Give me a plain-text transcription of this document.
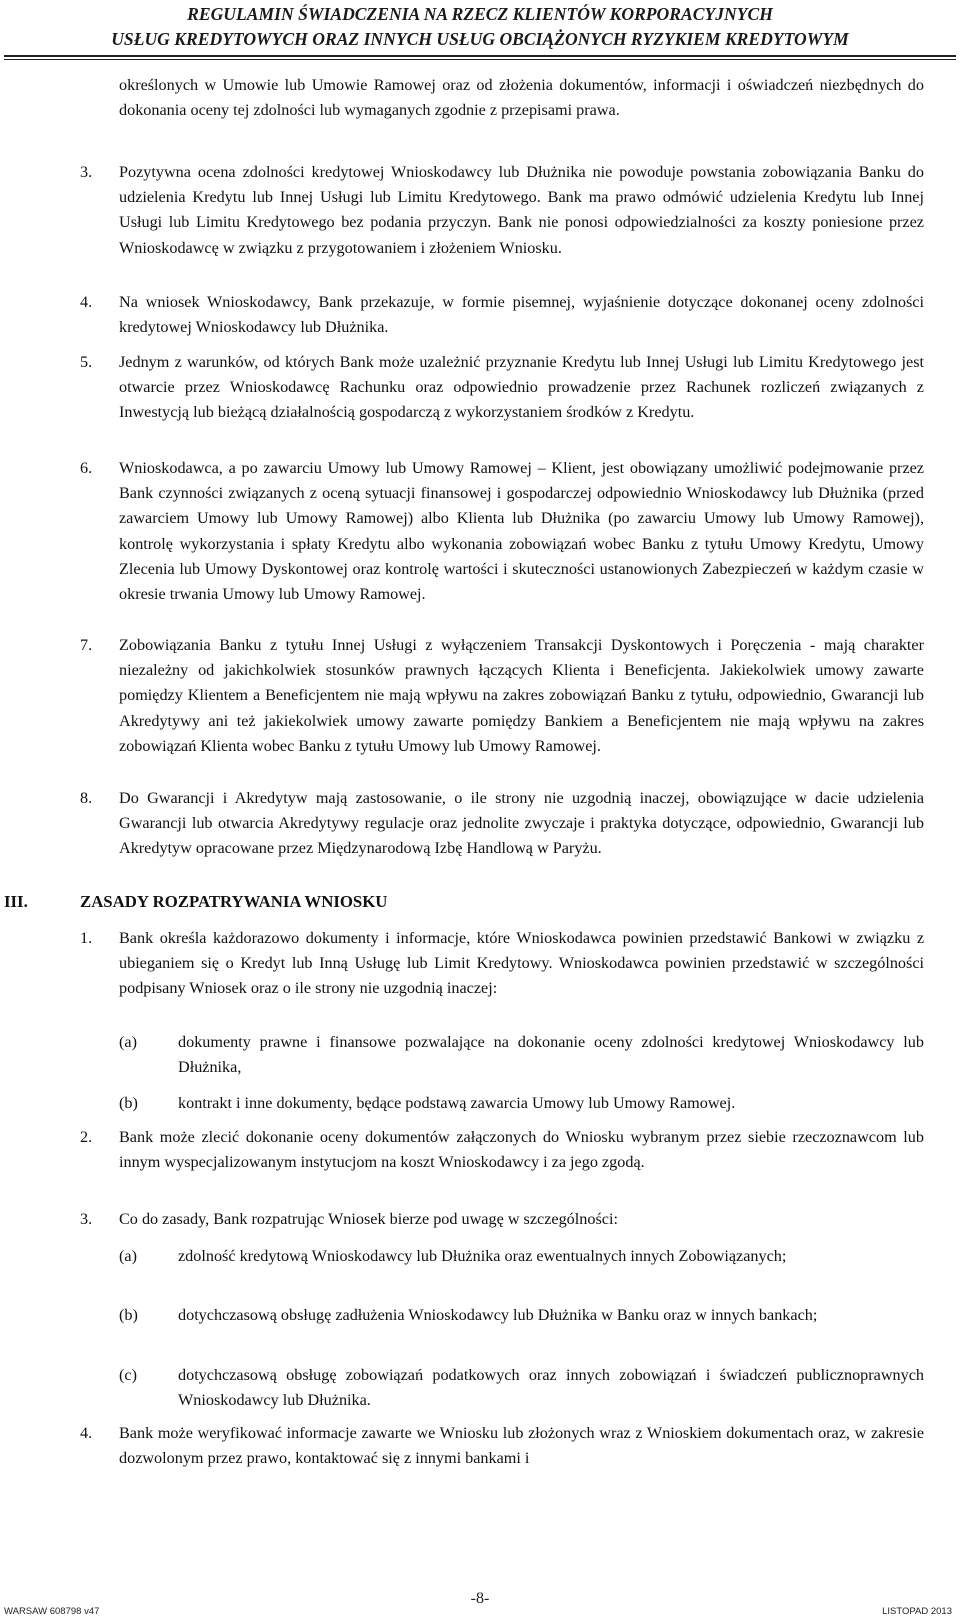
REGULAMIN ŚWIADCZENIA NA RZECZ KLIENTÓW KORPORACYJNYCH
USŁUG KREDYTOWYCH ORAZ INNYCH USŁUG OBCIĄŻONYCH RYZYKIEM KREDYTOWYM
określonych w Umowie lub Umowie Ramowej oraz od złożenia dokumentów, informacji i oświadczeń niezbędnych do dokonania oceny tej zdolności lub wymaganych zgodnie z przepisami prawa.
3. Pozytywna ocena zdolności kredytowej Wnioskodawcy lub Dłużnika nie powoduje powstania zobowiązania Banku do udzielenia Kredytu lub Innej Usługi lub Limitu Kredytowego. Bank ma prawo odmówić udzielenia Kredytu lub Innej Usługi lub Limitu Kredytowego bez podania przyczyn. Bank nie ponosi odpowiedzialności za koszty poniesione przez Wnioskodawcę w związku z przygotowaniem i złożeniem Wniosku.
4. Na wniosek Wnioskodawcy, Bank przekazuje, w formie pisemnej, wyjaśnienie dotyczące dokonanej oceny zdolności kredytowej Wnioskodawcy lub Dłużnika.
5. Jednym z warunków, od których Bank może uzależnić przyznanie Kredytu lub Innej Usługi lub Limitu Kredytowego jest otwarcie przez Wnioskodawcę Rachunku oraz odpowiednio prowadzenie przez Rachunek rozliczeń związanych z Inwestycją lub bieżącą działalnością gospodarczą z wykorzystaniem środków z Kredytu.
6. Wnioskodawca, a po zawarciu Umowy lub Umowy Ramowej – Klient, jest obowiązany umożliwić podejmowanie przez Bank czynności związanych z oceną sytuacji finansowej i gospodarczej odpowiednio Wnioskodawcy lub Dłużnika (przed zawarciem Umowy lub Umowy Ramowej) albo Klienta lub Dłużnika (po zawarciu Umowy lub Umowy Ramowej), kontrolę wykorzystania i spłaty Kredytu albo wykonania zobowiązań wobec Banku z tytułu Umowy Kredytu, Umowy Zlecenia lub Umowy Dyskontowej oraz kontrolę wartości i skuteczności ustanowionych Zabezpieczeń w każdym czasie w okresie trwania Umowy lub Umowy Ramowej.
7. Zobowiązania Banku z tytułu Innej Usługi z wyłączeniem Transakcji Dyskontowych i Poręczenia - mają charakter niezależny od jakichkolwiek stosunków prawnych łączących Klienta i Beneficjenta. Jakiekolwiek umowy zawarte pomiędzy Klientem a Beneficjentem nie mają wpływu na zakres zobowiązań Banku z tytułu, odpowiednio, Gwarancji lub Akredytywy ani też jakiekolwiek umowy zawarte pomiędzy Bankiem a Beneficjentem nie mają wpływu na zakres zobowiązań Klienta wobec Banku z tytułu Umowy lub Umowy Ramowej.
8. Do Gwarancji i Akredytyw mają zastosowanie, o ile strony nie uzgodnią inaczej, obowiązujące w dacie udzielenia Gwarancji lub otwarcia Akredytywy regulacje oraz jednolite zwyczaje i praktyka dotyczące, odpowiednio, Gwarancji lub Akredytyw opracowane przez Międzynarodową Izbę Handlową w Paryżu.
III.	ZASADY ROZPATRYWANIA WNIOSKU
1. Bank określa każdorazowo dokumenty i informacje, które Wnioskodawca powinien przedstawić Bankowi w związku z ubieganiem się o Kredyt lub Inną Usługę lub Limit Kredytowy. Wnioskodawca powinien przedstawić w szczególności podpisany Wniosek oraz o ile strony nie uzgodnią inaczej:
(a)	dokumenty prawne i finansowe pozwalające na dokonanie oceny zdolności kredytowej Wnioskodawcy lub Dłużnika,
(b) kontrakt i inne dokumenty, będące podstawą zawarcia Umowy lub Umowy Ramowej.
2. Bank może zlecić dokonanie oceny dokumentów załączonych do Wniosku wybranym przez siebie rzeczoznawcom lub innym wyspecjalizowanym instytucjom na koszt Wnioskodawcy i za jego zgodą.
3. Co do zasady, Bank rozpatrując Wniosek bierze pod uwagę w szczególności:
(a)	zdolność kredytową Wnioskodawcy lub Dłużnika oraz ewentualnych innych Zobowiązanych;
(b) dotychczasową obsługę zadłużenia Wnioskodawcy lub Dłużnika w Banku oraz w innych bankach;
(c)	dotychczasową obsługę zobowiązań podatkowych oraz innych zobowiązań i świadczeń publicznoprawnych Wnioskodawcy lub Dłużnika.
4. Bank może weryfikować informacje zawarte we Wniosku lub złożonych wraz z Wnioskiem dokumentach oraz, w zakresie dozwolonym przez prawo, kontaktować się z innymi bankami i
WARSAW 608798 v47
-8-
LISTOPAD 2013
